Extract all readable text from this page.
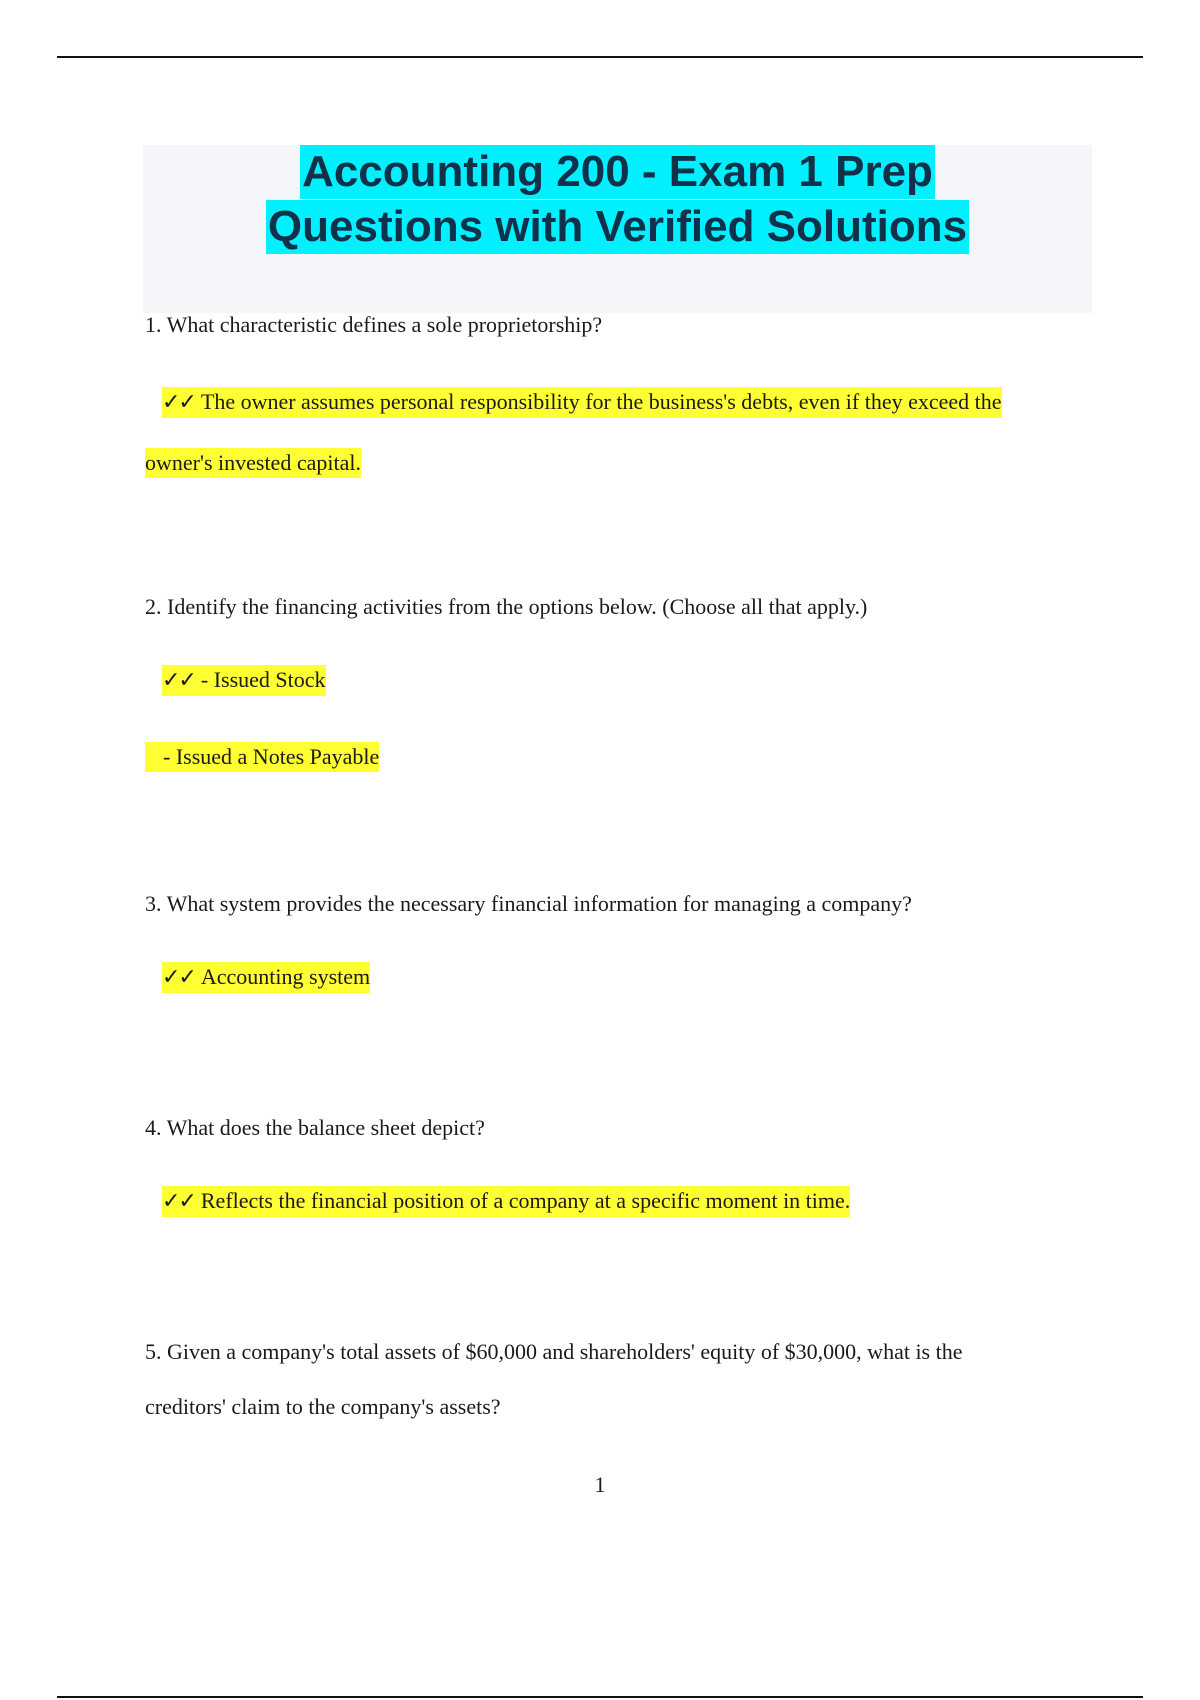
Accounting 200 - Exam 1 Prep
Questions with Verified Solutions
1. What characteristic defines a sole proprietorship?
✓✓ The owner assumes personal responsibility for the business's debts, even if they exceed the
owner's invested capital.
2. Identify the financing activities from the options below. (Choose all that apply.)
✓✓ - Issued Stock
- Issued a Notes Payable
3. What system provides the necessary financial information for managing a company?
✓✓ Accounting system
4. What does the balance sheet depict?
✓✓ Reflects the financial position of a company at a specific moment in time.
5. Given a company's total assets of $60,000 and shareholders' equity of $30,000, what is the
creditors' claim to the company's assets?
1
